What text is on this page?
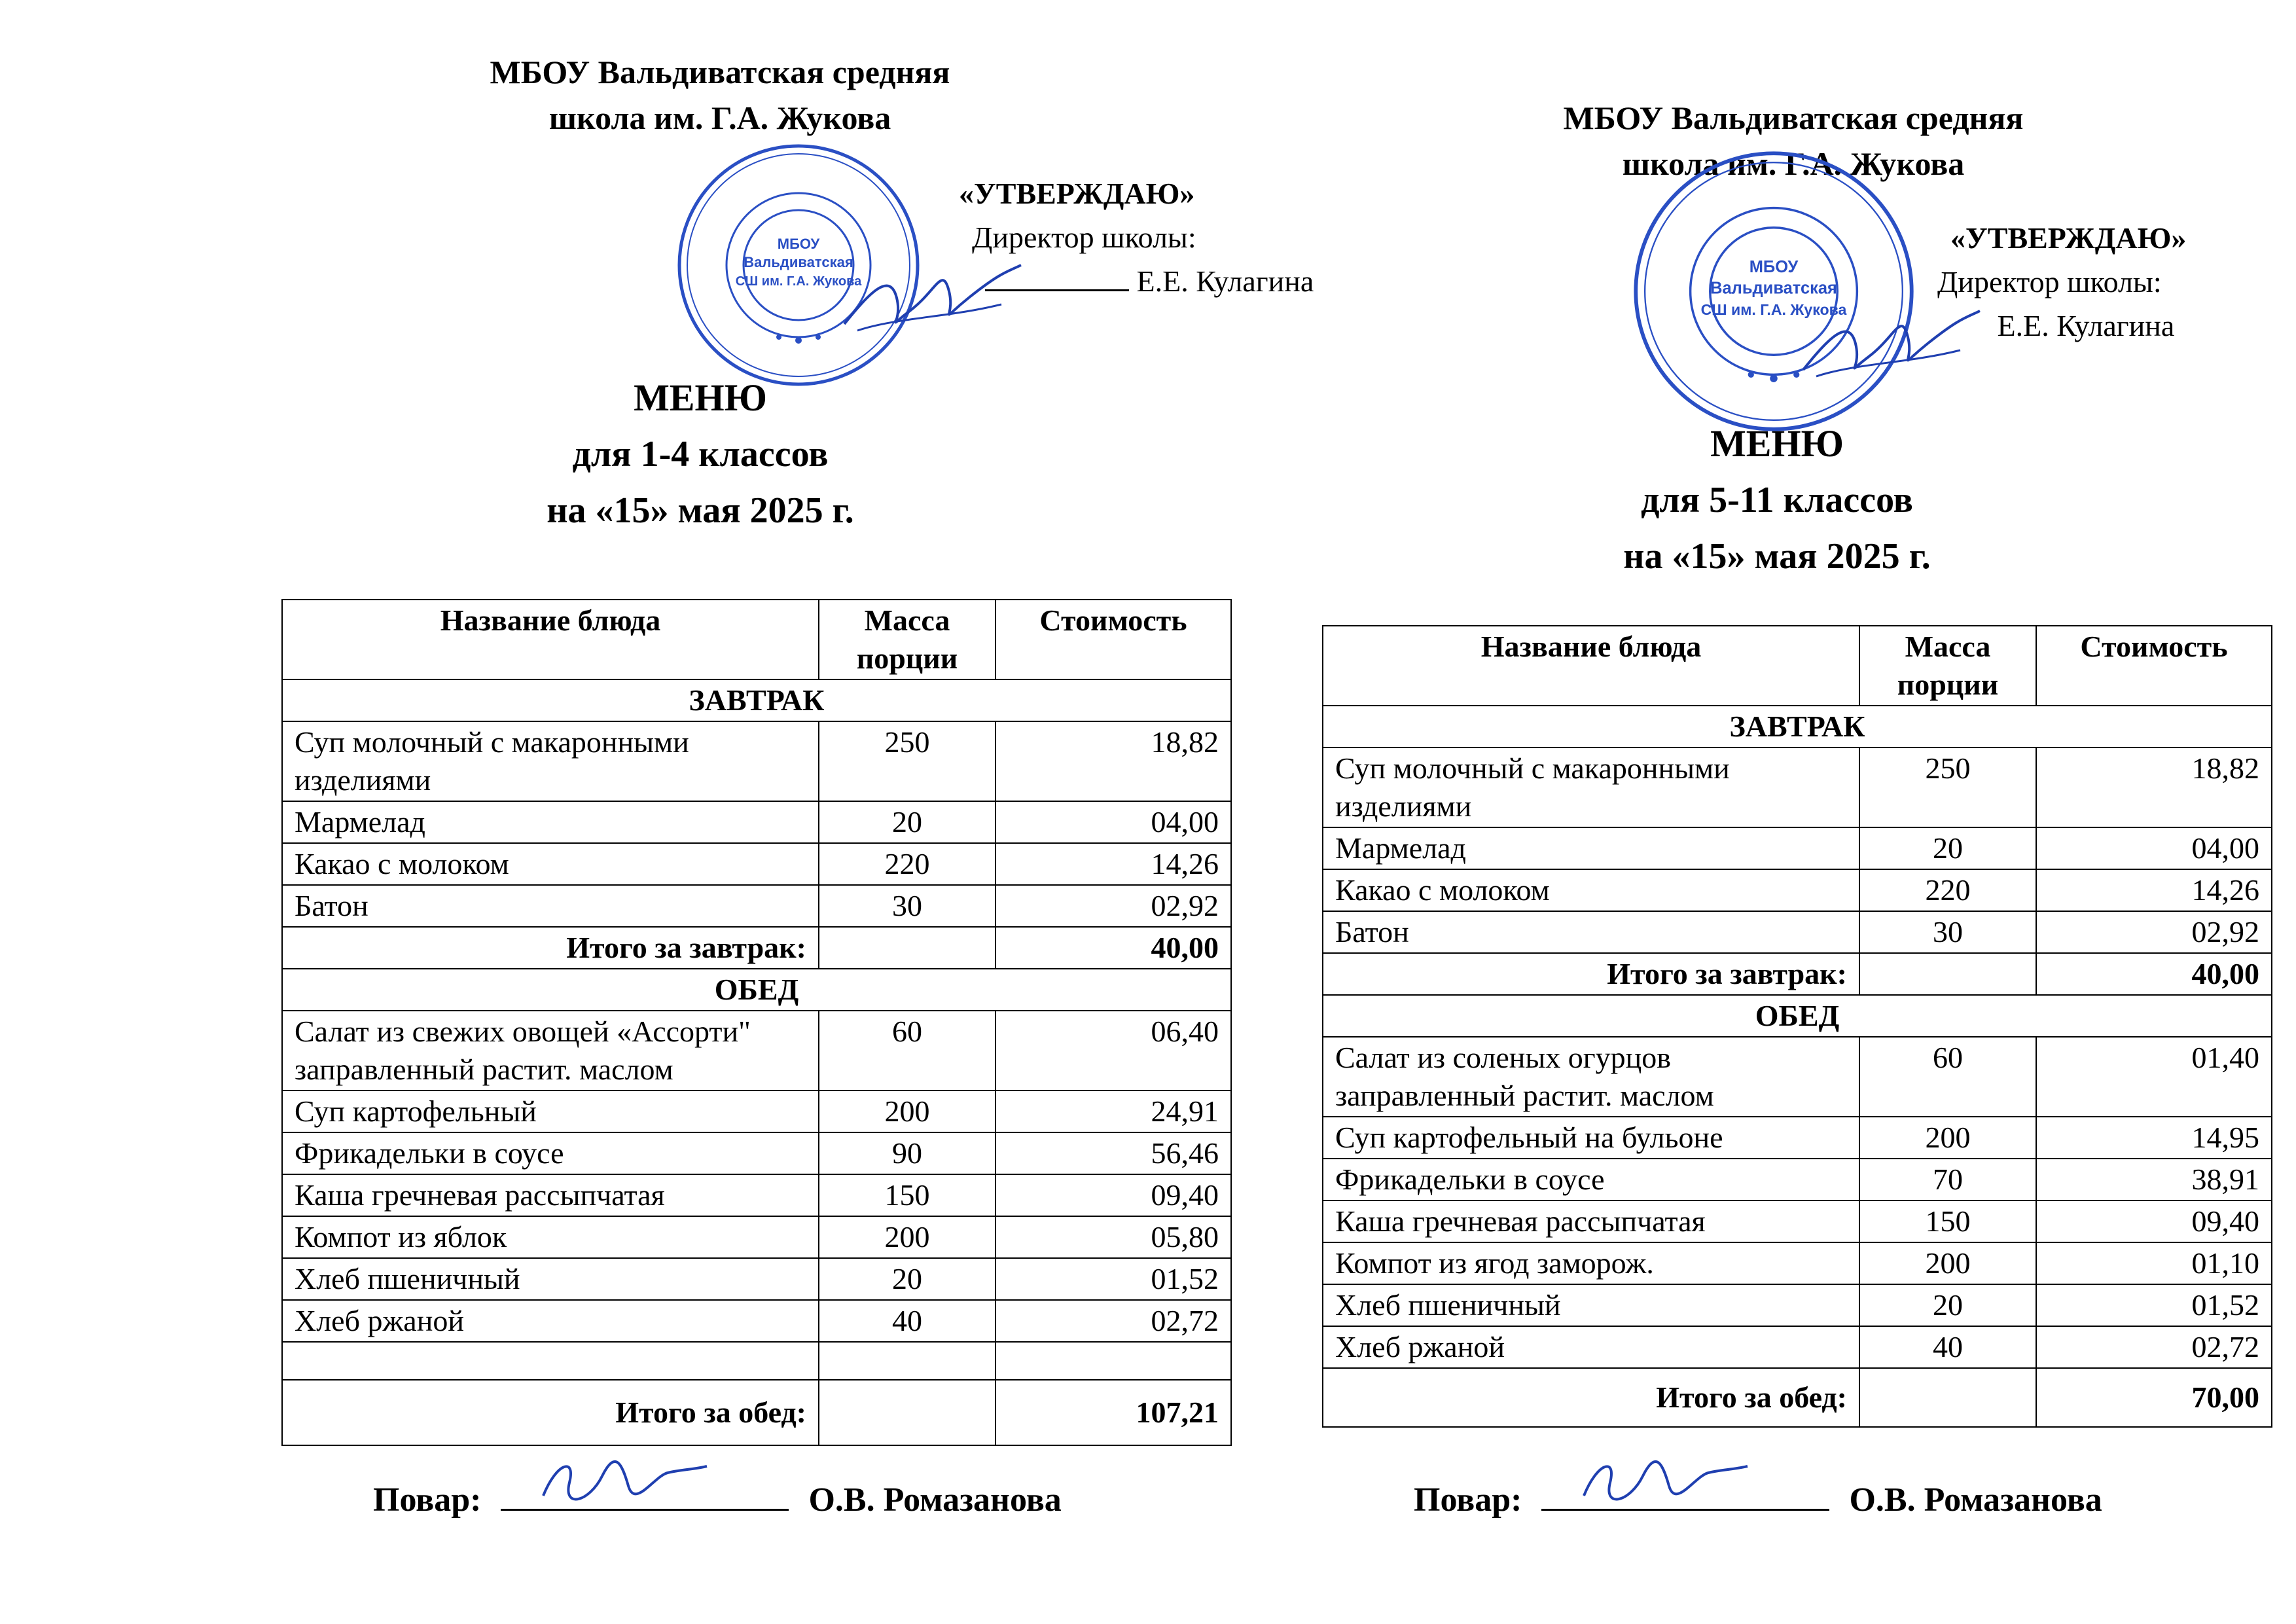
МБОУ Вальдиватская средняя
школа им. Г.А. Жукова
МБОУ
Вальдиватская
СШ им. Г.А. Жукова
«УТВЕРЖДАЮ»
Директор школы:
Е.Е. Кулагина
МЕНЮ
для 1-4 классов
на «15» мая 2025 г.
Название блюда	Масса порции	Стоимость
ЗАВТРАК		
Суп молочный с макаронными изделиями	250	18,82
Мармелад	20	04,00
Какао с молоком	220	14,26
Батон	30	02,92
Итого за завтрак:		40,00
ОБЕД		
Салат из свежих овощей «Ассорти" заправленный растит. маслом	60	06,40
Суп картофельный	200	24,91
Фрикадельки в соусе	90	56,46
Каша гречневая рассыпчатая	150	09,40
Компот из яблок	200	05,80
Хлеб пшеничный	20	01,52
Хлеб ржаной	40	02,72

Итого за обед:		107,21
Повар:	О.В. Ромазанова
МБОУ Вальдиватская средняя
школа им. Г.А. Жукова
МБОУ
Вальдиватская
СШ им. Г.А. Жукова
«УТВЕРЖДАЮ»
Директор школы:
Е.Е. Кулагина
МЕНЮ
для 5-11 классов
на «15» мая 2025 г.
Название блюда	Масса порции	Стоимость
ЗАВТРАК		
Суп молочный с макаронными изделиями	250	18,82
Мармелад	20	04,00
Какао с молоком	220	14,26
Батон	30	02,92
Итого за завтрак:		40,00
ОБЕД		
Салат из соленых огурцов заправленный растит. маслом	60	01,40
Суп картофельный на бульоне	200	14,95
Фрикадельки в соусе	70	38,91
Каша гречневая рассыпчатая	150	09,40
Компот из ягод заморож.	200	01,10
Хлеб пшеничный	20	01,52
Хлеб ржаной	40	02,72
Итого за обед:		70,00
Повар:	О.В. Ромазанова
